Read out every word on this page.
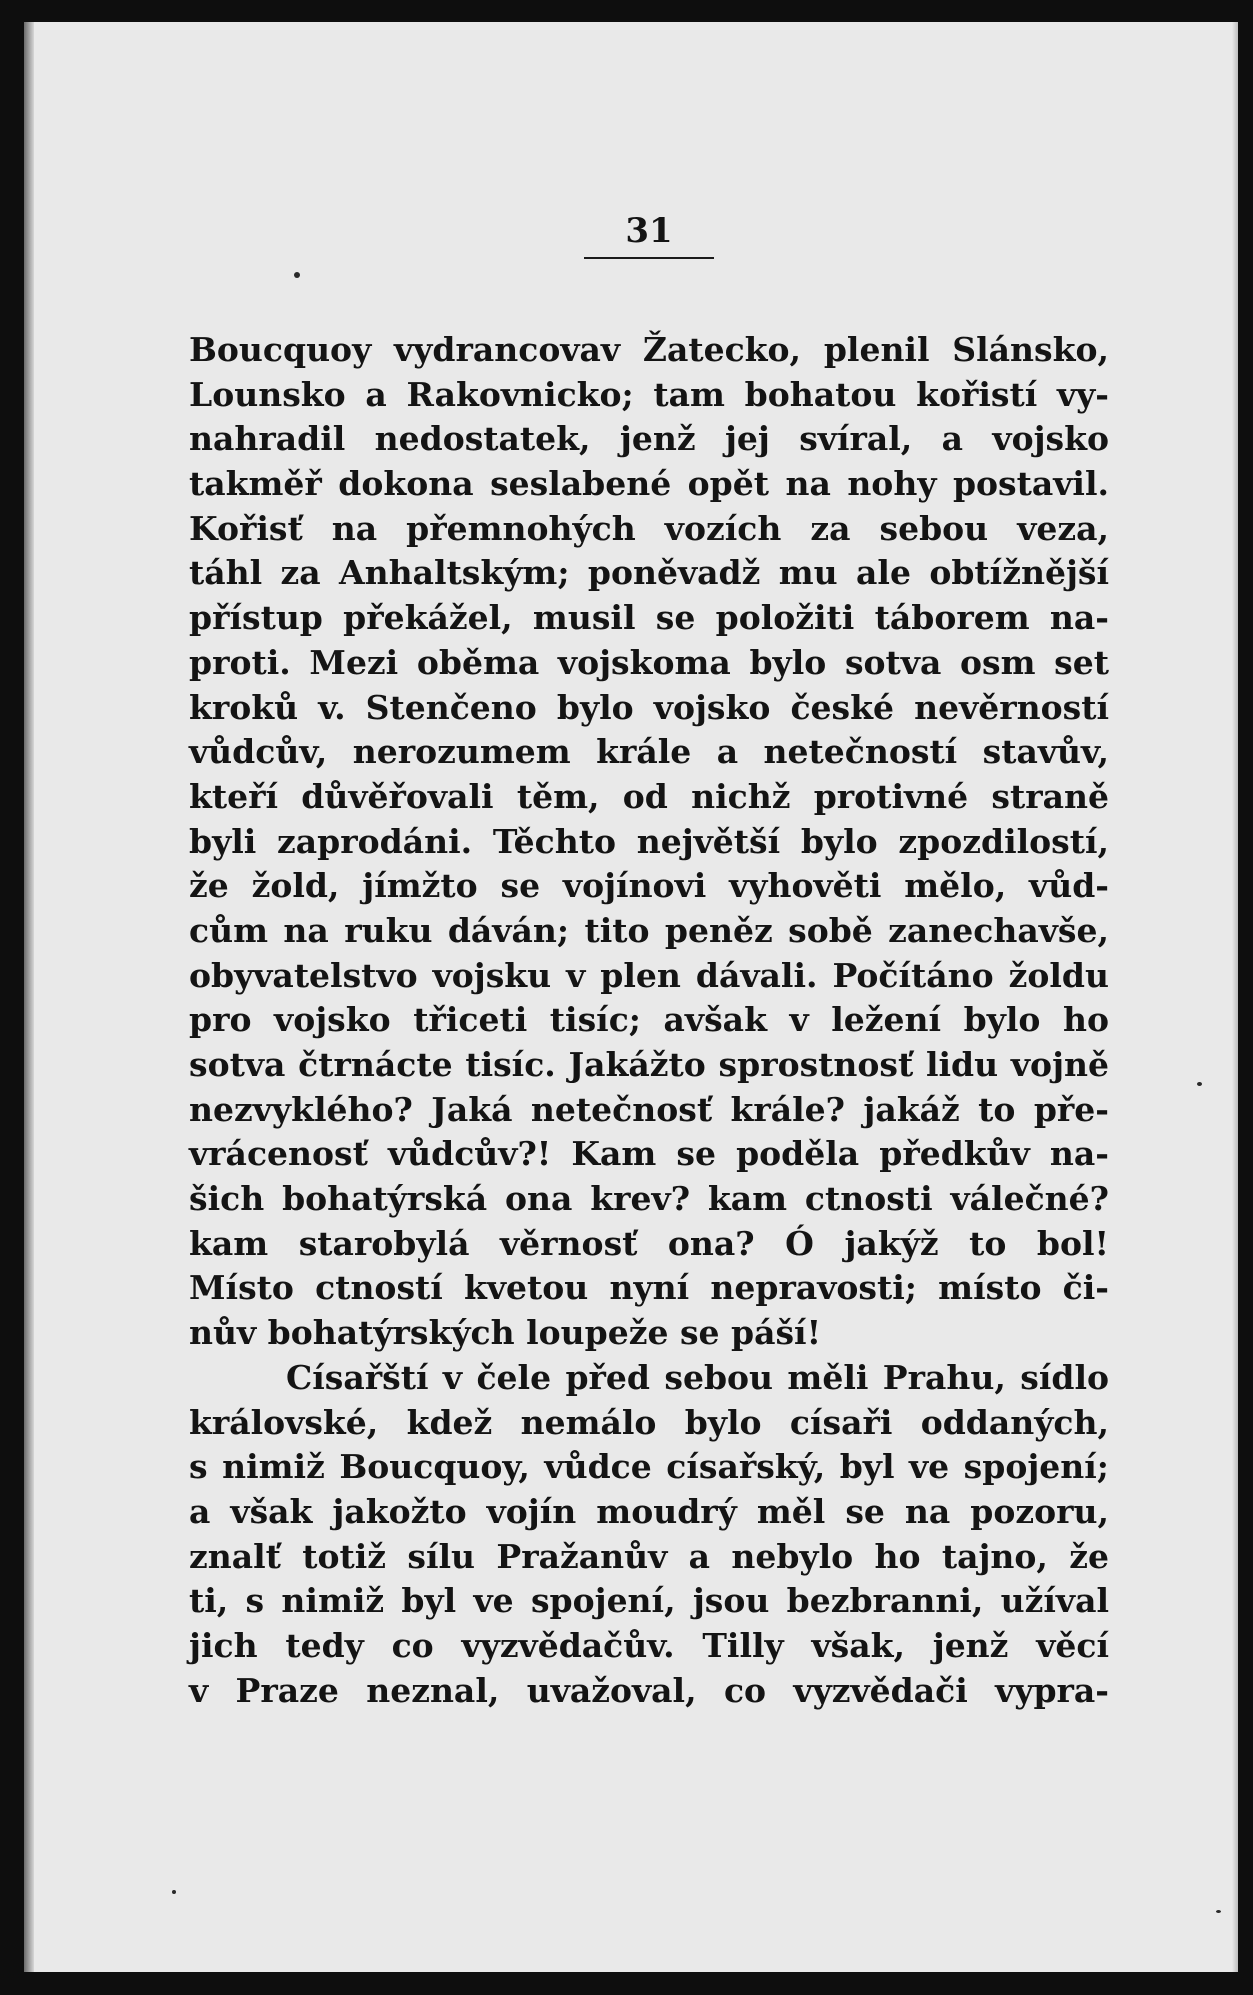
31
Boucquoy vydrancovav Žatecko, plenil Slánsko,
Lounsko a Rakovnicko; tam bohatou kořistí vy-
nahradil nedostatek, jenž jej svíral, a vojsko
takměř dokona seslabené opět na nohy postavil.
Kořisť na přemnohých vozích za sebou veza,
táhl za Anhaltským; poněvadž mu ale obtížnější
přístup překážel, musil se položiti táborem na-
proti. Mezi oběma vojskoma bylo sotva osm set
kroků v. Stenčeno bylo vojsko české nevěrností
vůdcův, nerozumem krále a netečností stavův,
kteří důvěřovali těm, od nichž protivné straně
byli zaprodáni. Těchto největší bylo zpozdilostí,
že žold, jímžto se vojínovi vyhověti mělo, vůd-
cům na ruku dáván; tito peněz sobě zanechavše,
obyvatelstvo vojsku v plen dávali. Počítáno žoldu
pro vojsko třiceti tisíc; avšak v ležení bylo ho
sotva čtrnácte tisíc. Jakážto sprostnosť lidu vojně
nezvyklého? Jaká netečnosť krále? jakáž to pře-
vrácenosť vůdcův?! Kam se poděla předkův na-
šich bohatýrská ona krev? kam ctnosti válečné?
kam starobylá věrnosť ona? Ó jakýž to bol!
Místo ctností kvetou nyní nepravosti; místo či-
nův bohatýrských loupeže se páší!
Císařští v čele před sebou měli Prahu, sídlo
královské, kdež nemálo bylo císaři oddaných,
s nimiž Boucquoy, vůdce císařský, byl ve spojení;
a však jakožto vojín moudrý měl se na pozoru,
znalť totiž sílu Pražanův a nebylo ho tajno, že
ti, s nimiž byl ve spojení, jsou bezbranni, užíval
jich tedy co vyzvědačův. Tilly však, jenž věcí
v Praze neznal, uvažoval, co vyzvědači vypra-
